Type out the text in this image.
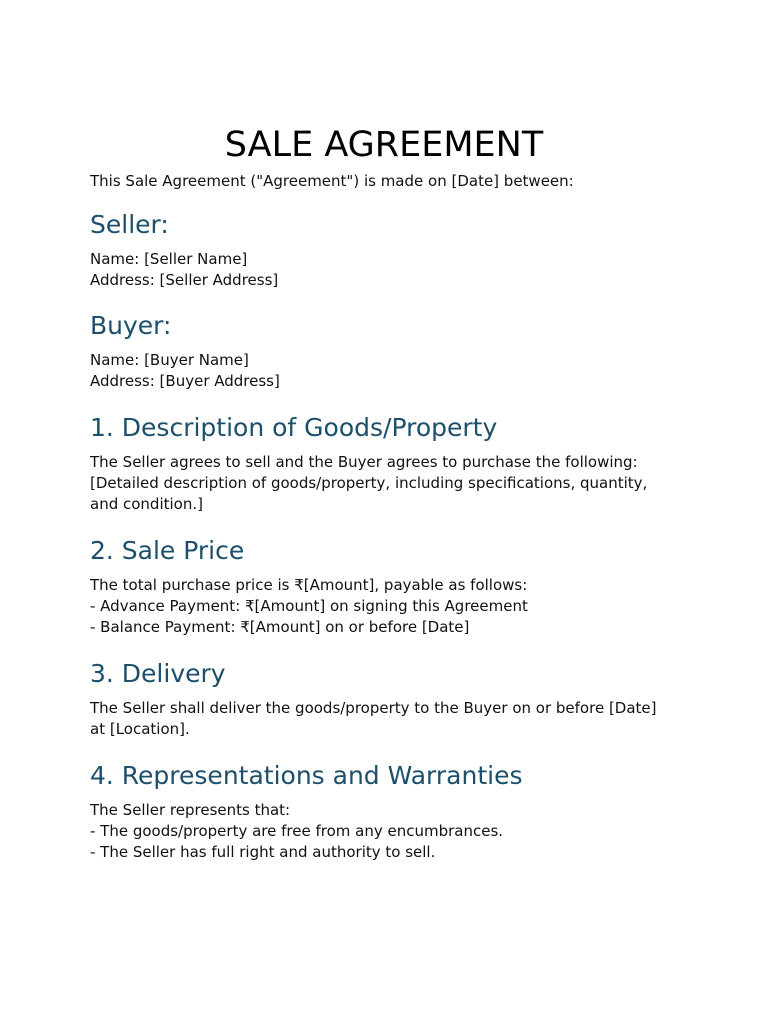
SALE AGREEMENT

This Sale Agreement ("Agreement") is made on [Date] between:

Seller:

Name: [Seller Name]
Address: [Seller Address]

Buyer:

Name: [Buyer Name]
Address: [Buyer Address]

1. Description of Goods/Property

The Seller agrees to sell and the Buyer agrees to purchase the following:
[Detailed description of goods/property, including specifications, quantity,
and condition.]

2. Sale Price

The total purchase price is ₹[Amount], payable as follows:
- Advance Payment: ₹[Amount] on signing this Agreement
- Balance Payment: ₹[Amount] on or before [Date]

3. Delivery

The Seller shall deliver the goods/property to the Buyer on or before [Date]
at [Location].

4. Representations and Warranties

The Seller represents that:
- The goods/property are free from any encumbrances.
- The Seller has full right and authority to sell.
